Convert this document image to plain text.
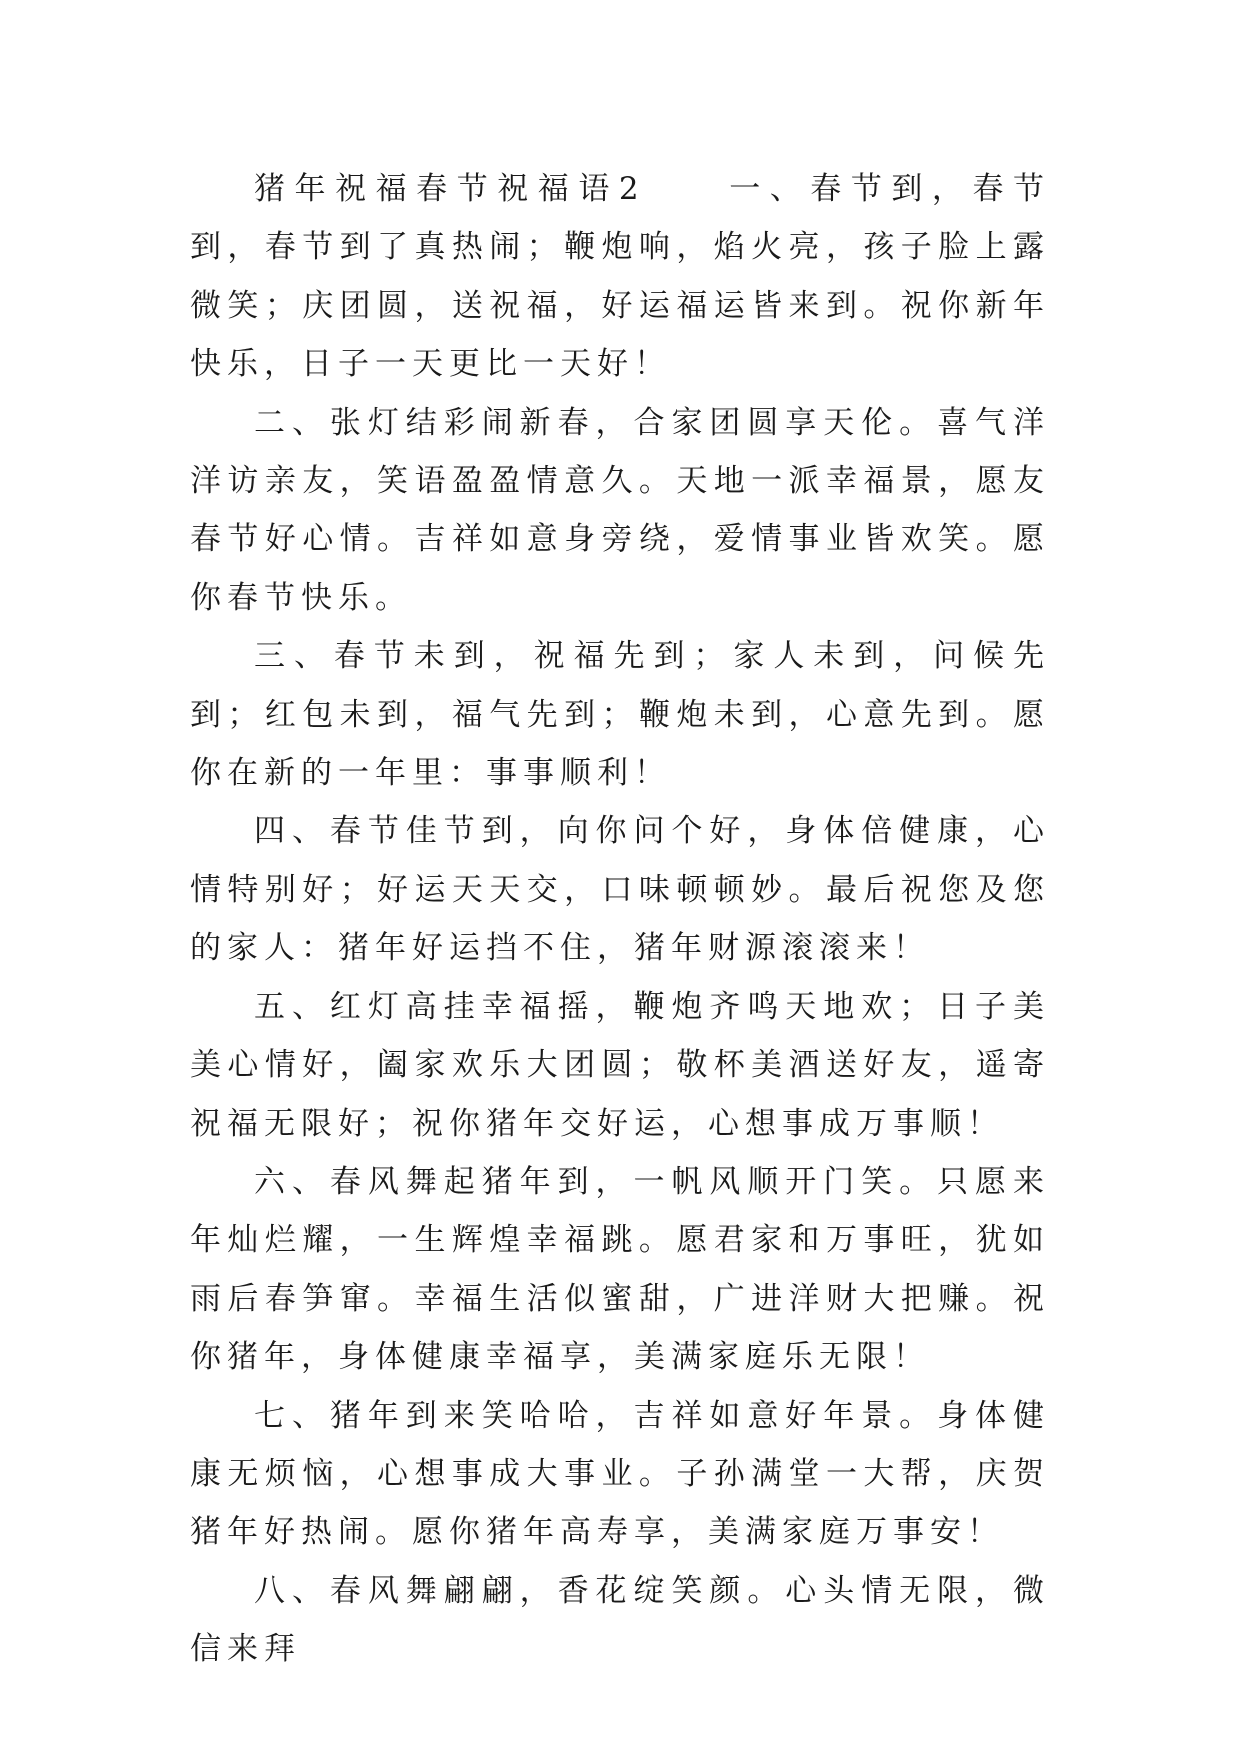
猪年祝福春节祝福语2　　一、春节到，春节到，春节到了真热闹；鞭炮响，焰火亮，孩子脸上露微笑；庆团圆，送祝福，好运福运皆来到。祝你新年快乐，日子一天更比一天好！

二、张灯结彩闹新春，合家团圆享天伦。喜气洋洋访亲友，笑语盈盈情意久。天地一派幸福景，愿友春节好心情。吉祥如意身旁绕，爱情事业皆欢笑。愿你春节快乐。

三、春节未到，祝福先到；家人未到，问候先到；红包未到，福气先到；鞭炮未到，心意先到。愿你在新的一年里：事事顺利！

四、春节佳节到，向你问个好，身体倍健康，心情特别好；好运天天交，口味顿顿妙。最后祝您及您的家人：猪年好运挡不住，猪年财源滚滚来！

五、红灯高挂幸福摇，鞭炮齐鸣天地欢；日子美美心情好，阖家欢乐大团圆；敬杯美酒送好友，遥寄祝福无限好；祝你猪年交好运，心想事成万事顺！

六、春风舞起猪年到，一帆风顺开门笑。只愿来年灿烂耀，一生辉煌幸福跳。愿君家和万事旺，犹如雨后春笋窜。幸福生活似蜜甜，广进洋财大把赚。祝你猪年，身体健康幸福享，美满家庭乐无限！

七、猪年到来笑哈哈，吉祥如意好年景。身体健康无烦恼，心想事成大事业。子孙满堂一大帮，庆贺猪年好热闹。愿你猪年高寿享，美满家庭万事安！

八、春风舞翩翩，香花绽笑颜。心头情无限，微信来拜
